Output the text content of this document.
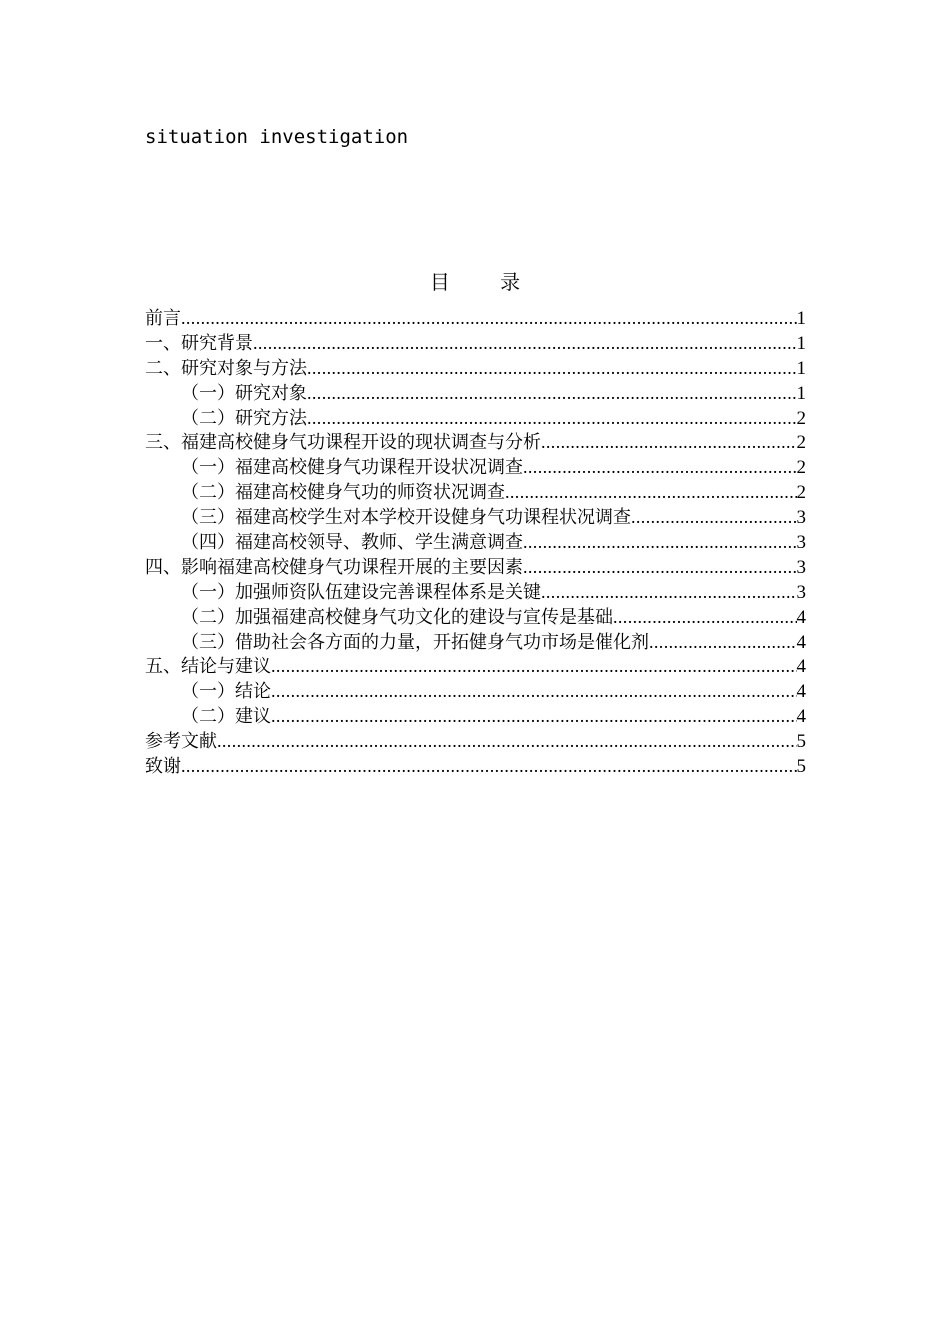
situation investigation
目 录
前言 .....	1
一、研究背景 .....	1
二、研究对象与方法 .....	1
（一）研究对象 .....	1
（二）研究方法 .....	2
三、福建高校健身气功课程开设的现状调查与分析 .....	2
（一）福建高校健身气功课程开设状况调查 .....	2
（二）福建高校健身气功的师资状况调查 .....	2
（三）福建高校学生对本学校开设健身气功课程状况调查 .....	3
（四）福建高校领导、教师、学生满意调查 .....	3
四、影响福建高校健身气功课程开展的主要因素 .....	3
（一）加强师资队伍建设完善课程体系是关键 .....	3
（二）加强福建高校健身气功文化的建设与宣传是基础 .....	4
（三）借助社会各方面的力量，开拓健身气功市场是催化剂 .....	4
五、结论与建议 .....	4
（一）结论 .....	4
（二）建议 .....	4
参考文献 .....	5
致谢 .....	5
